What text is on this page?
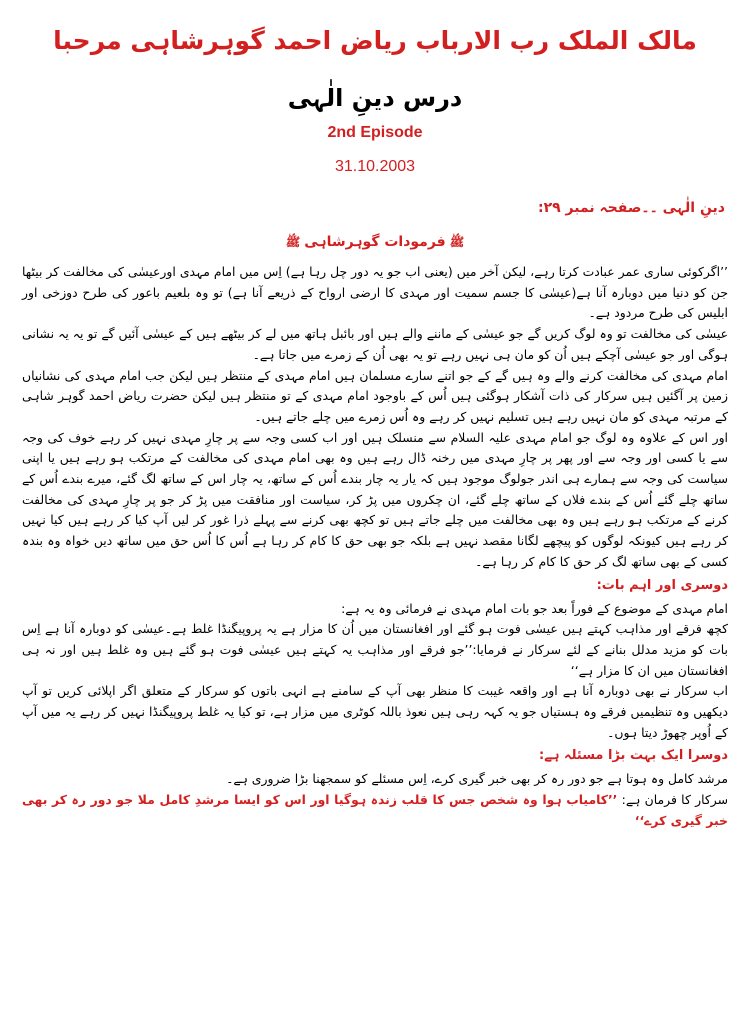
مالک الملک رب الارباب ریاض احمد گوہرشاہی مرحبا
درس دینِ الٰہی
2nd Episode
31.10.2003
دینِ الٰہی ۔۔صفحہ نمبر ۲۹:
ﷺفرمودات گوہرشاہیﷺ

’’اگرکوئی ساری عمر عبادت کرتا رہے، لیکن آخر میں (یعنی اب جو یہ دور چل رہا ہے) اِس میں امام مہدی اورعیسٰی کی مخالفت کر بیٹھا جن کو دنیا میں دوبارہ آنا ہے(عیسٰی کا جسم سمیت اور مہدی کا ارضی ارواح کے ذریعے آنا ہے) تو وہ بلعیم باعور کی طرح دوزخی اور ابلیس کی طرح مردود ہے۔

عیسٰی کی مخالفت تو وہ لوگ کریں گے جو عیسٰی کے ماننے والے ہیں اور بائبل ہاتھ میں لے کر بیٹھے ہیں کے عیسٰی آئیں گے تو یہ یہ نشانی ہوگی اور جو عیسٰی آچکے ہیں اُن کو مان ہی نہیں رہے تو یہ بھی اُن کے زمرے میں جاتا ہے۔

امام مہدی کی مخالفت کرنے والے وہ ہیں گے کے جو اتنے سارے مسلمان ہیں امام مہدی کے منتظر ہیں لیکن جب امام مہدی کی نشانیاں زمین پر آگئیں ہیں سرکار کی ذات آشکار ہوگئی ہیں اُس کے باوجود امام مہدی کے تو منتظر ہیں لیکن حضرت ریاض احمد گوہر شاہی کے مرتبہ مہدی کو مان نہیں رہے ہیں تسلیم نہیں کر رہے وہ اُس زمرے میں چلے جاتے ہیں۔

اور اس کے علاوہ وہ لوگ جو امام مہدی علیہ السلام سے منسلک ہیں اور اب کسی وجہ سے پر چارِ مہدی نہیں کر رہے خوف کی وجہ سے یا کسی اور وجہ سے اور پھر پر چارِ مہدی میں رخنہ ڈال رہے ہیں وہ بھی امام مہدی کی مخالفت کے مرتکب ہو رہے ہیں یا اپنی سیاست کی وجہ سے ہمارے ہی اندر جولوگ موجود ہیں کہ یار یہ چار بندے اُس کے ساتھ، یہ چار اس کے ساتھ لگ گئے، میرے بندے اُس کے ساتھ چلے گئے اُس کے بندے فلاں کے ساتھ چلے گئے، ان چکروں میں پڑ کر، سیاست اور منافقت میں پڑ کر جو پر چارِ مہدی کی مخالفت کرنے کے مرتکب ہو رہے ہیں وہ بھی مخالفت میں چلے جاتے ہیں تو کچھ بھی کرنے سے پہلے ذرا غور کر لیں آپ کیا کر رہے ہیں کیا نہیں کر رہے ہیں کیونکہ لوگوں کو پیچھے لگانا مقصد نہیں ہے بلکہ جو بھی حق کا کام کر رہا ہے اُس کا اُس حق میں ساتھ دیں خواہ وہ بندہ کسی کے بھی ساتھ لگ کر حق کا کام کر رہا ہے۔

دوسری اور اہم بات:

امام مہدی کے موضوع کے فوراً بعد جو بات امام مہدی نے فرمائی وہ یہ ہے:

کچھ فرقے اور مذاہب کہتے ہیں عیسٰی فوت ہو گئے اور افغانستان میں اُن کا مزار ہے یہ پروپیگنڈا غلط ہے۔عیسٰی کو دوبارہ آنا ہے اِس بات کو مزید مدلل بنانے کے لئے سرکار نے فرمایا:’’جو فرقے اور مذاہب یہ کہتے ہیں عیسٰی فوت ہو گئے ہیں وہ غلط ہیں اور نہ ہی افغانستان میں ان کا مزار ہے‘‘

اب سرکار نے بھی دوبارہ آنا ہے اور واقعہ غیبت کا منظر بھی آپ کے سامنے ہے انہی باتوں کو سرکار کے متعلق اگر اپلائی کریں تو آپ دیکھیں وہ تنظیمیں فرقے وہ ہستیاں جو یہ کہہ رہی ہیں نعوذ باللہ کوٹری میں مزار ہے، تو کیا یہ غلط پروپیگنڈا نہیں کر رہے یہ میں آپ کے اُوپر چھوڑ دیتا ہوں۔

دوسرا ایک بہت بڑا مسئلہ ہے:

مرشد کامل وہ ہوتا ہے جو دور رہ کر بھی خبر گیری کرے، اِس مسئلے کو سمجھنا بڑا ضروری ہے۔

سرکار کا فرمان ہے: ’’کامیاب ہوا وہ شخص جس کا قلب زندہ ہوگیا اور اس کو ایسا مرشدِ کامل ملا جو دور رہ کر بھی خبر گیری کرے‘‘
